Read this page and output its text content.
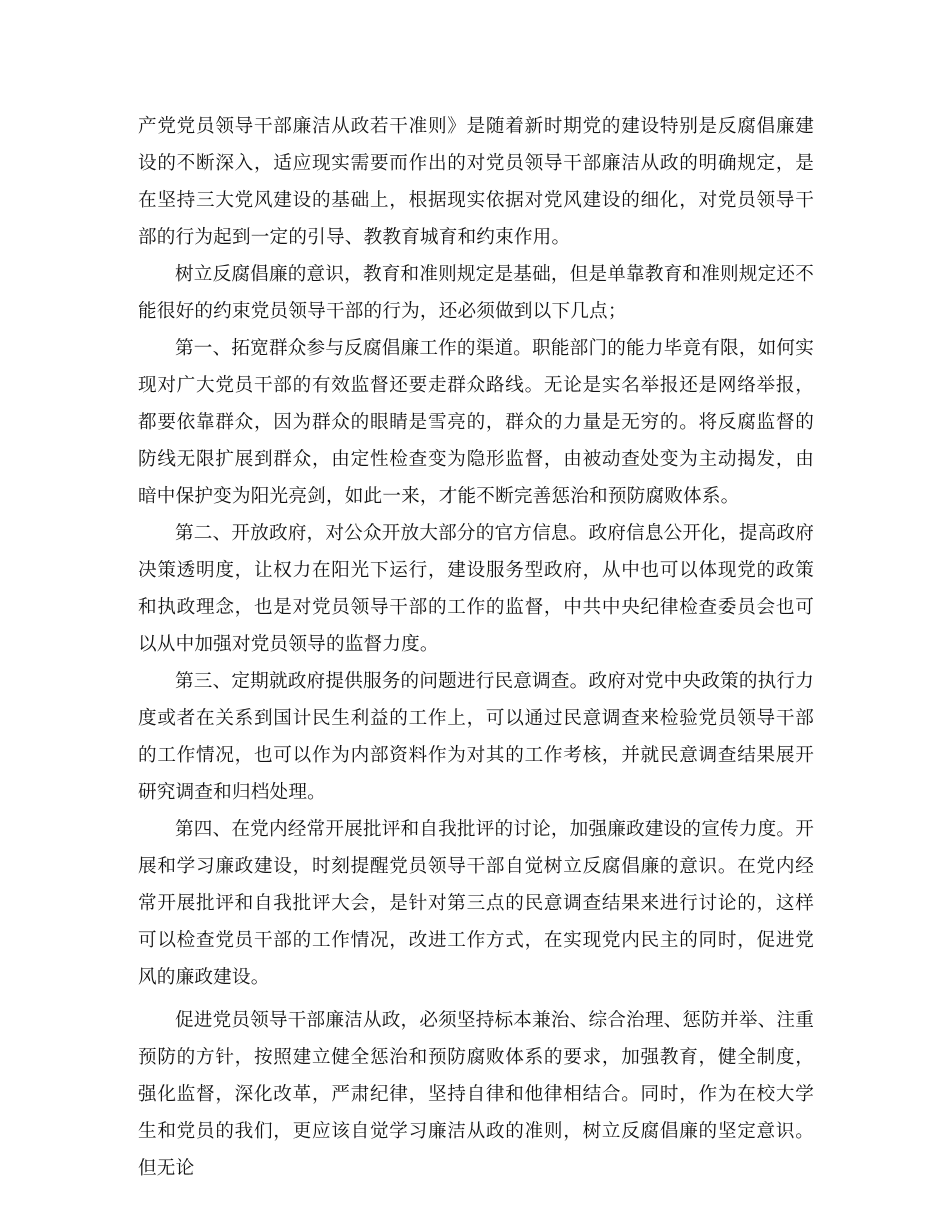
产党党员领导干部廉洁从政若干准则》是随着新时期党的建设特别是反腐倡廉建设的不断深入，适应现实需要而作出的对党员领导干部廉洁从政的明确规定，是在坚持三大党风建设的基础上，根据现实依据对党风建设的细化，对党员领导干部的行为起到一定的引导、教教育城育和约束作用。

树立反腐倡廉的意识，教育和准则规定是基础，但是单靠教育和准则规定还不能很好的约束党员领导干部的行为，还必须做到以下几点；

第一、拓宽群众参与反腐倡廉工作的渠道。职能部门的能力毕竟有限，如何实现对广大党员干部的有效监督还要走群众路线。无论是实名举报还是网络举报，都要依靠群众，因为群众的眼睛是雪亮的，群众的力量是无穷的。将反腐监督的防线无限扩展到群众，由定性检查变为隐形监督，由被动查处变为主动揭发，由暗中保护变为阳光亮剑，如此一来，才能不断完善惩治和预防腐败体系。

第二、开放政府，对公众开放大部分的官方信息。政府信息公开化，提高政府决策透明度，让权力在阳光下运行，建设服务型政府，从中也可以体现党的政策和执政理念，也是对党员领导干部的工作的监督，中共中央纪律检查委员会也可以从中加强对党员领导的监督力度。

第三、定期就政府提供服务的问题进行民意调查。政府对党中央政策的执行力度或者在关系到国计民生利益的工作上，可以通过民意调查来检验党员领导干部的工作情况，也可以作为内部资料作为对其的工作考核，并就民意调查结果展开研究调查和归档处理。

第四、在党内经常开展批评和自我批评的讨论，加强廉政建设的宣传力度。开展和学习廉政建设，时刻提醒党员领导干部自觉树立反腐倡廉的意识。在党内经常开展批评和自我批评大会，是针对第三点的民意调查结果来进行讨论的，这样可以检查党员干部的工作情况，改进工作方式，在实现党内民主的同时，促进党风的廉政建设。

促进党员领导干部廉洁从政，必须坚持标本兼治、综合治理、惩防并举、注重预防的方针，按照建立健全惩治和预防腐败体系的要求，加强教育，健全制度，强化监督，深化改革，严肃纪律，坚持自律和他律相结合。同时，作为在校大学生和党员的我们，更应该自觉学习廉洁从政的准则，树立反腐倡廉的坚定意识。但无论
